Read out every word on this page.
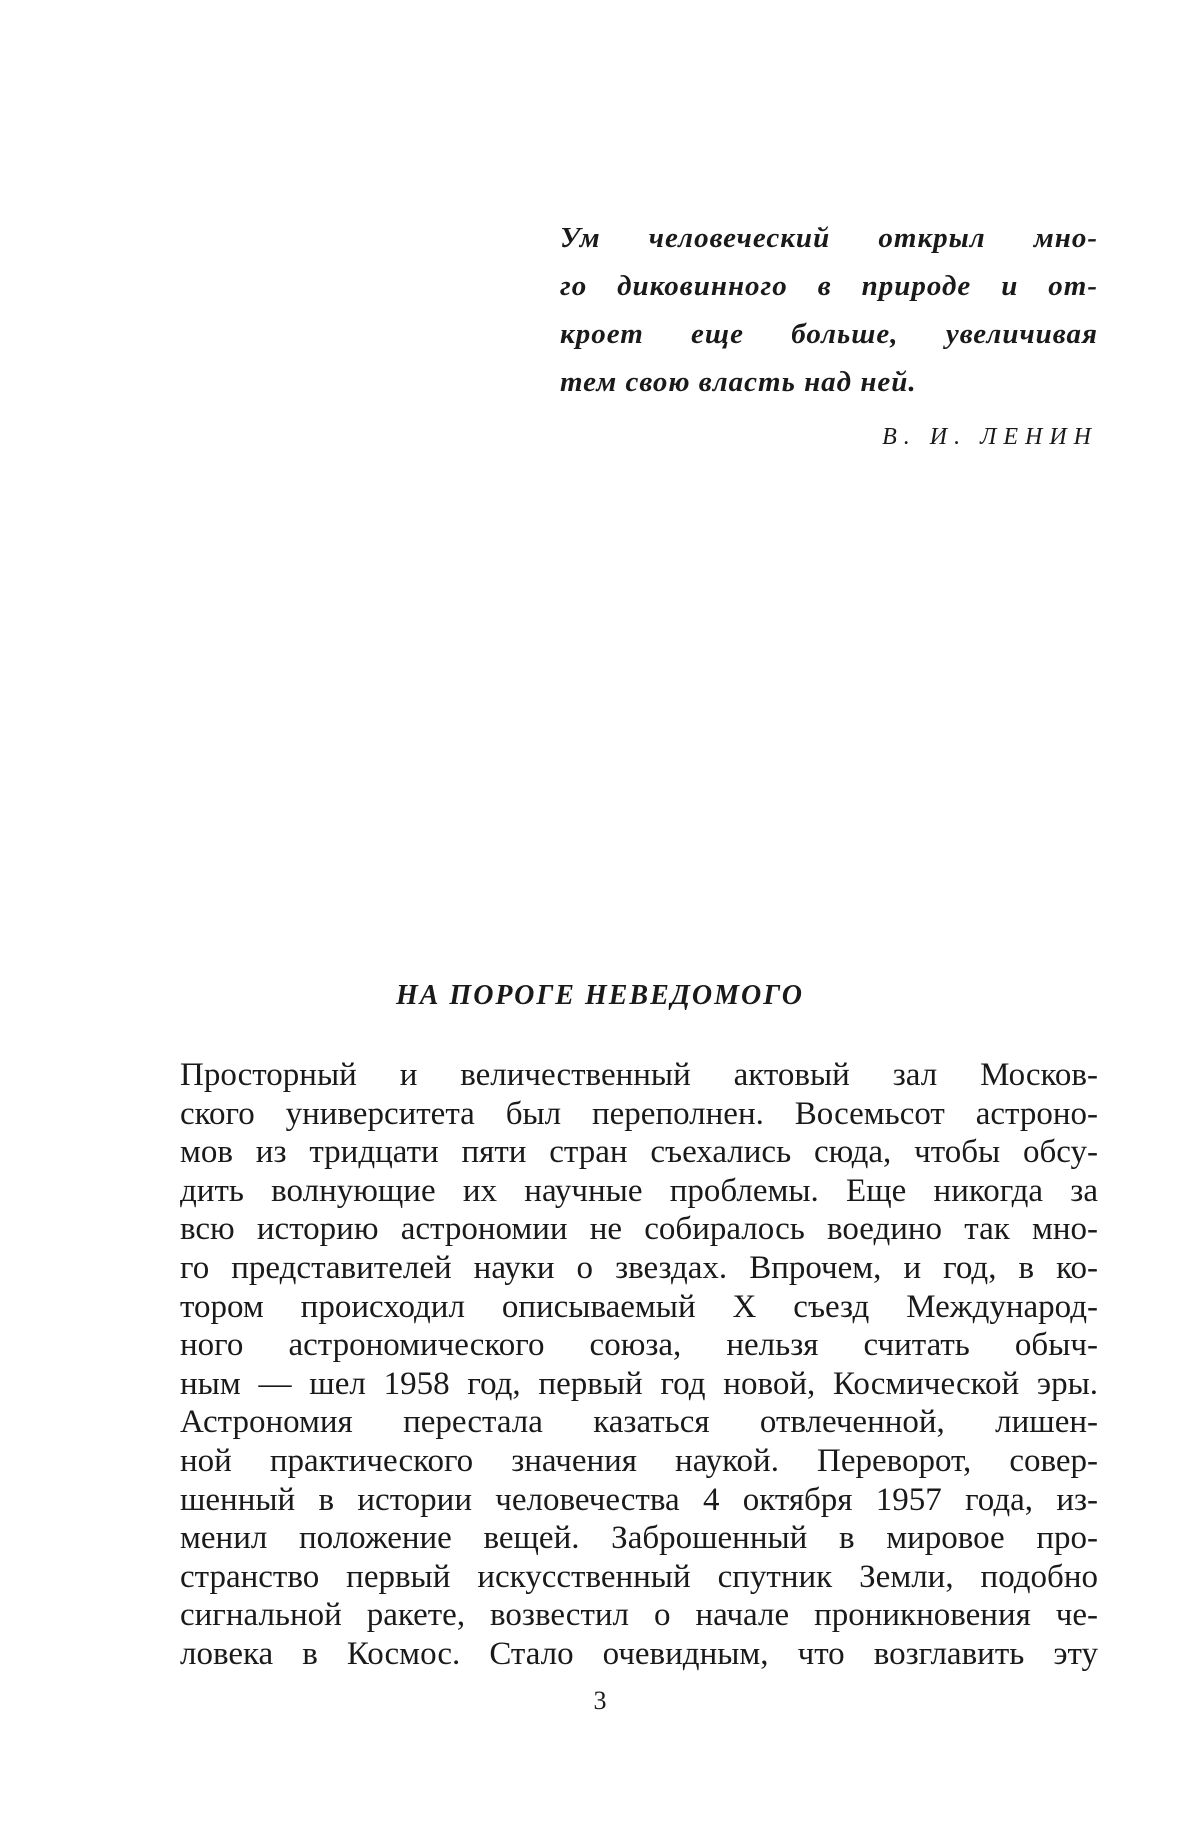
Ум человеческий открыл мно-
го диковинного в природе и от-
кроет еще больше, увеличивая
тем свою власть над ней.
В. И. ЛЕНИН
НА ПОРОГЕ НЕВЕДОМОГО
Просторный и величественный актовый зал Москов-
ского университета был переполнен. Восемьсот астроно-
мов из тридцати пяти стран съехались сюда, чтобы обсу-
дить волнующие их научные проблемы. Еще никогда за
всю историю астрономии не собиралось воедино так мно-
го представителей науки о звездах. Впрочем, и год, в ко-
тором происходил описываемый X съезд Международ-
ного астрономического союза, нельзя считать обыч-
ным — шел 1958 год, первый год новой, Космической эры.
Астрономия перестала казаться отвлеченной, лишен-
ной практического значения наукой. Переворот, совер-
шенный в истории человечества 4 октября 1957 года, из-
менил положение вещей. Заброшенный в мировое про-
странство первый искусственный спутник Земли, подобно
сигнальной ракете, возвестил о начале проникновения че-
ловека в Космос. Стало очевидным, что возглавить эту
3
